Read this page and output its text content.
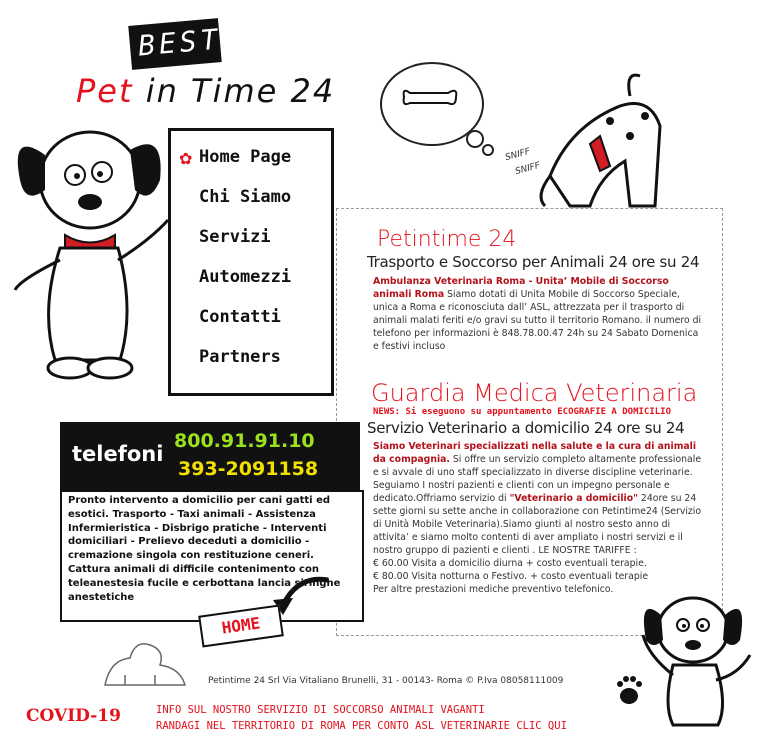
BEST
Pet in Time 24
✿ Home Page
Chi Siamo
Servizi
Automezzi
Contatti
Partners
SNIFF
SNIFF
Petintime 24
Trasporto e Soccorso per Animali 24 ore su 24
Ambulanza Veterinaria Roma - Unita’ Mobile di Soccorso animali Roma Siamo dotati di Unita Mobile di Soccorso Speciale, unica a Roma e riconosciuta dall’ ASL, attrezzata per il trasporto di animali malati feriti e/o gravi su tutto il territorio Romano. il numero di telefono per informazioni è 848.78.00.47 24h su 24 Sabato Domenica e festivi incluso
Guardia Medica Veterinaria
NEWS: Si eseguono su appuntamento ECOGRAFIE A DOMICILIO
Servizio Veterinario a domicilio 24 ore su 24
Siamo Veterinari specializzati nella salute e la cura di animali da compagnia. Si offre un servizio completo altamente professionale e si avvale di uno staff specializzato in diverse discipline veterinarie. Seguiamo I nostri pazienti e clienti con un impegno personale e dedicato.Offriamo servizio di "Veterinario a domicilio" 24ore su 24 sette giorni su sette anche in collaborazione con Petintime24 (Servizio di Unità Mobile Veterinaria).Siamo giunti al nostro sesto anno di attivita’ e siamo molto contenti di aver ampliato i nostri servizi e il nostro gruppo di pazienti e clienti . LE NOSTRE TARIFFE :
€ 60.00 Visita a domicilio diurna + costo eventuali terapie.
€ 80.00 Visita notturna o Festivo. + costo eventuali terapie
Per altre prestazioni mediche preventivo telefonico.
telefoni
800.91.91.10
393-2091158

Pronto intervento a domicilio per cani gatti ed esotici. Trasporto - Taxi animali - Assistenza Infermieristica - Disbrigo pratiche - Interventi domiciliari - Prelievo deceduti a domicilio - cremazione singola con restituzione ceneri. Cattura animali di difficile contenimento con teleanestesia fucile e cerbottana lancia siringhe anestetiche

HOME
Petintime 24 Srl Via Vitaliano Brunelli, 31 - 00143- Roma © P.Iva 08058111009
COVID-19	INFO SUL NOSTRO SERVIZIO DI SOCCORSO ANIMALI VAGANTI
RANDAGI NEL TERRITORIO DI ROMA PER CONTO ASL VETERINARIE CLIC QUI
